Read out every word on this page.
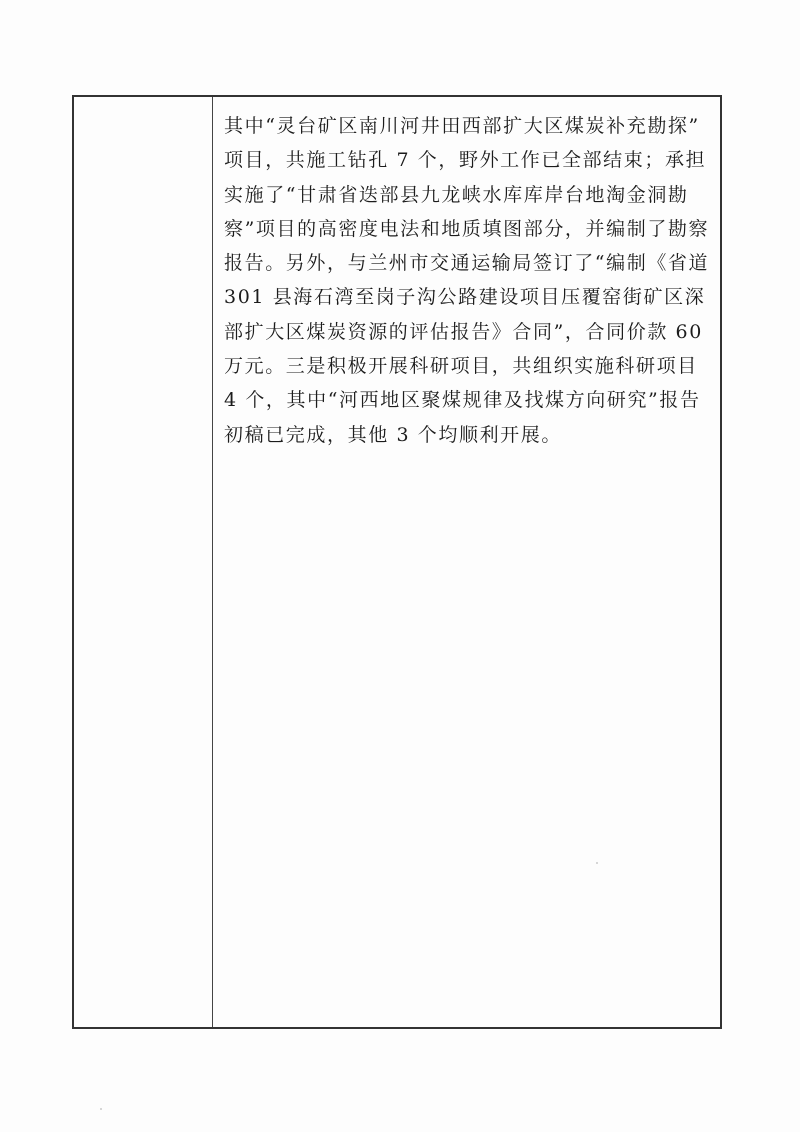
其中“灵台矿区南川河井田西部扩大区煤炭补充勘探”
项目，共施工钻孔 7 个，野外工作已全部结束；承担
实施了“甘肃省迭部县九龙峡水库库岸台地淘金洞勘
察”项目的高密度电法和地质填图部分，并编制了勘察
报告。另外，与兰州市交通运输局签订了“编制《省道
301 县海石湾至岗子沟公路建设项目压覆窑街矿区深
部扩大区煤炭资源的评估报告》合同”，合同价款 60
万元。三是积极开展科研项目，共组织实施科研项目
4 个，其中“河西地区聚煤规律及找煤方向研究”报告
初稿已完成，其他 3 个均顺利开展。
